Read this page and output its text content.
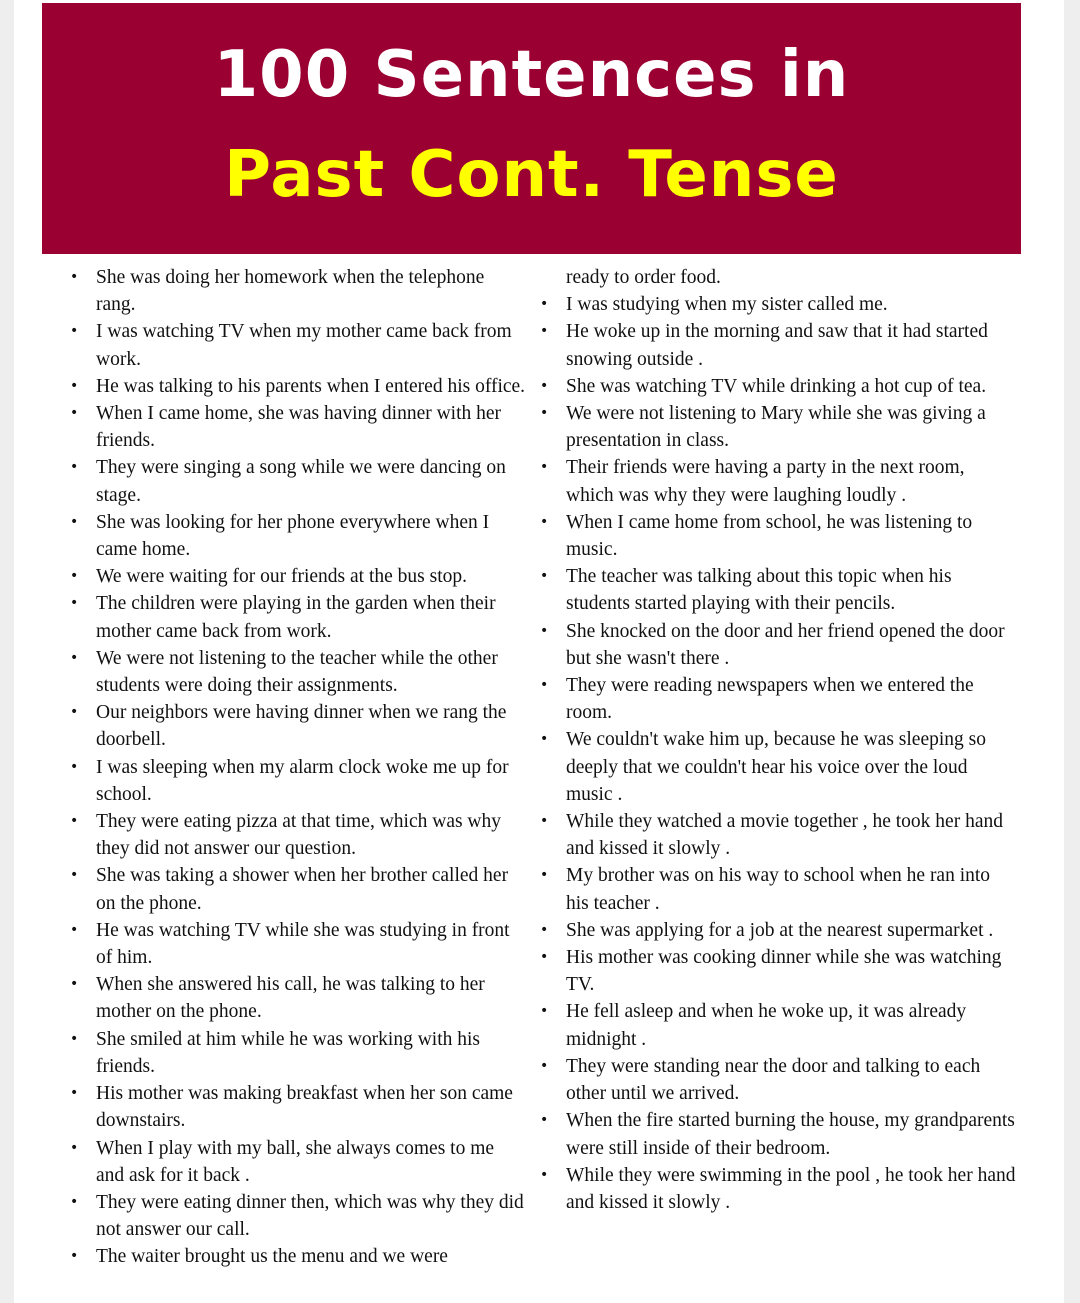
100 Sentences in
Past Cont. Tense
• She was doing her homework when the telephone rang.
• I was watching TV when my mother came back from work.
• He was talking to his parents when I entered his office.
• When I came home, she was having dinner with her friends.
• They were singing a song while we were dancing on stage.
• She was looking for her phone everywhere when I came home.
• We were waiting for our friends at the bus stop.
• The children were playing in the garden when their mother came back from work.
• We were not listening to the teacher while the other students were doing their assignments.
• Our neighbors were having dinner when we rang the doorbell.
• I was sleeping when my alarm clock woke me up for school.
• They were eating pizza at that time, which was why they did not answer our question.
• She was taking a shower when her brother called her on the phone.
• He was watching TV while she was studying in front of him.
• When she answered his call, he was talking to her mother on the phone.
• She smiled at him while he was working with his friends.
• His mother was making breakfast when her son came downstairs.
• When I play with my ball, she always comes to me and ask for it back .
• They were eating dinner then, which was why they did not answer our call.
• The waiter brought us the menu and we were
ready to order food.
• I was studying when my sister called me.
• He woke up in the morning and saw that it had started snowing outside .
• She was watching TV while drinking a hot cup of tea.
• We were not listening to Mary while she was giving a presentation in class.
• Their friends were having a party in the next room, which was why they were laughing loudly .
• When I came home from school, he was listening to music.
• The teacher was talking about this topic when his students started playing with their pencils.
• She knocked on the door and her friend opened the door but she wasn't there .
• They were reading newspapers when we entered the room.
• We couldn't wake him up, because he was sleeping so deeply that we couldn't hear his voice over the loud music .
• While they watched a movie together , he took her hand and kissed it slowly .
• My brother was on his way to school when he ran into his teacher .
• She was applying for a job at the nearest supermarket .
• His mother was cooking dinner while she was watching TV.
• He fell asleep and when he woke up, it was already midnight .
• They were standing near the door and talking to each other until we arrived.
• When the fire started burning the house, my grandparents were still inside of their bedroom.
• While they were swimming in the pool , he took her hand and kissed it slowly .
